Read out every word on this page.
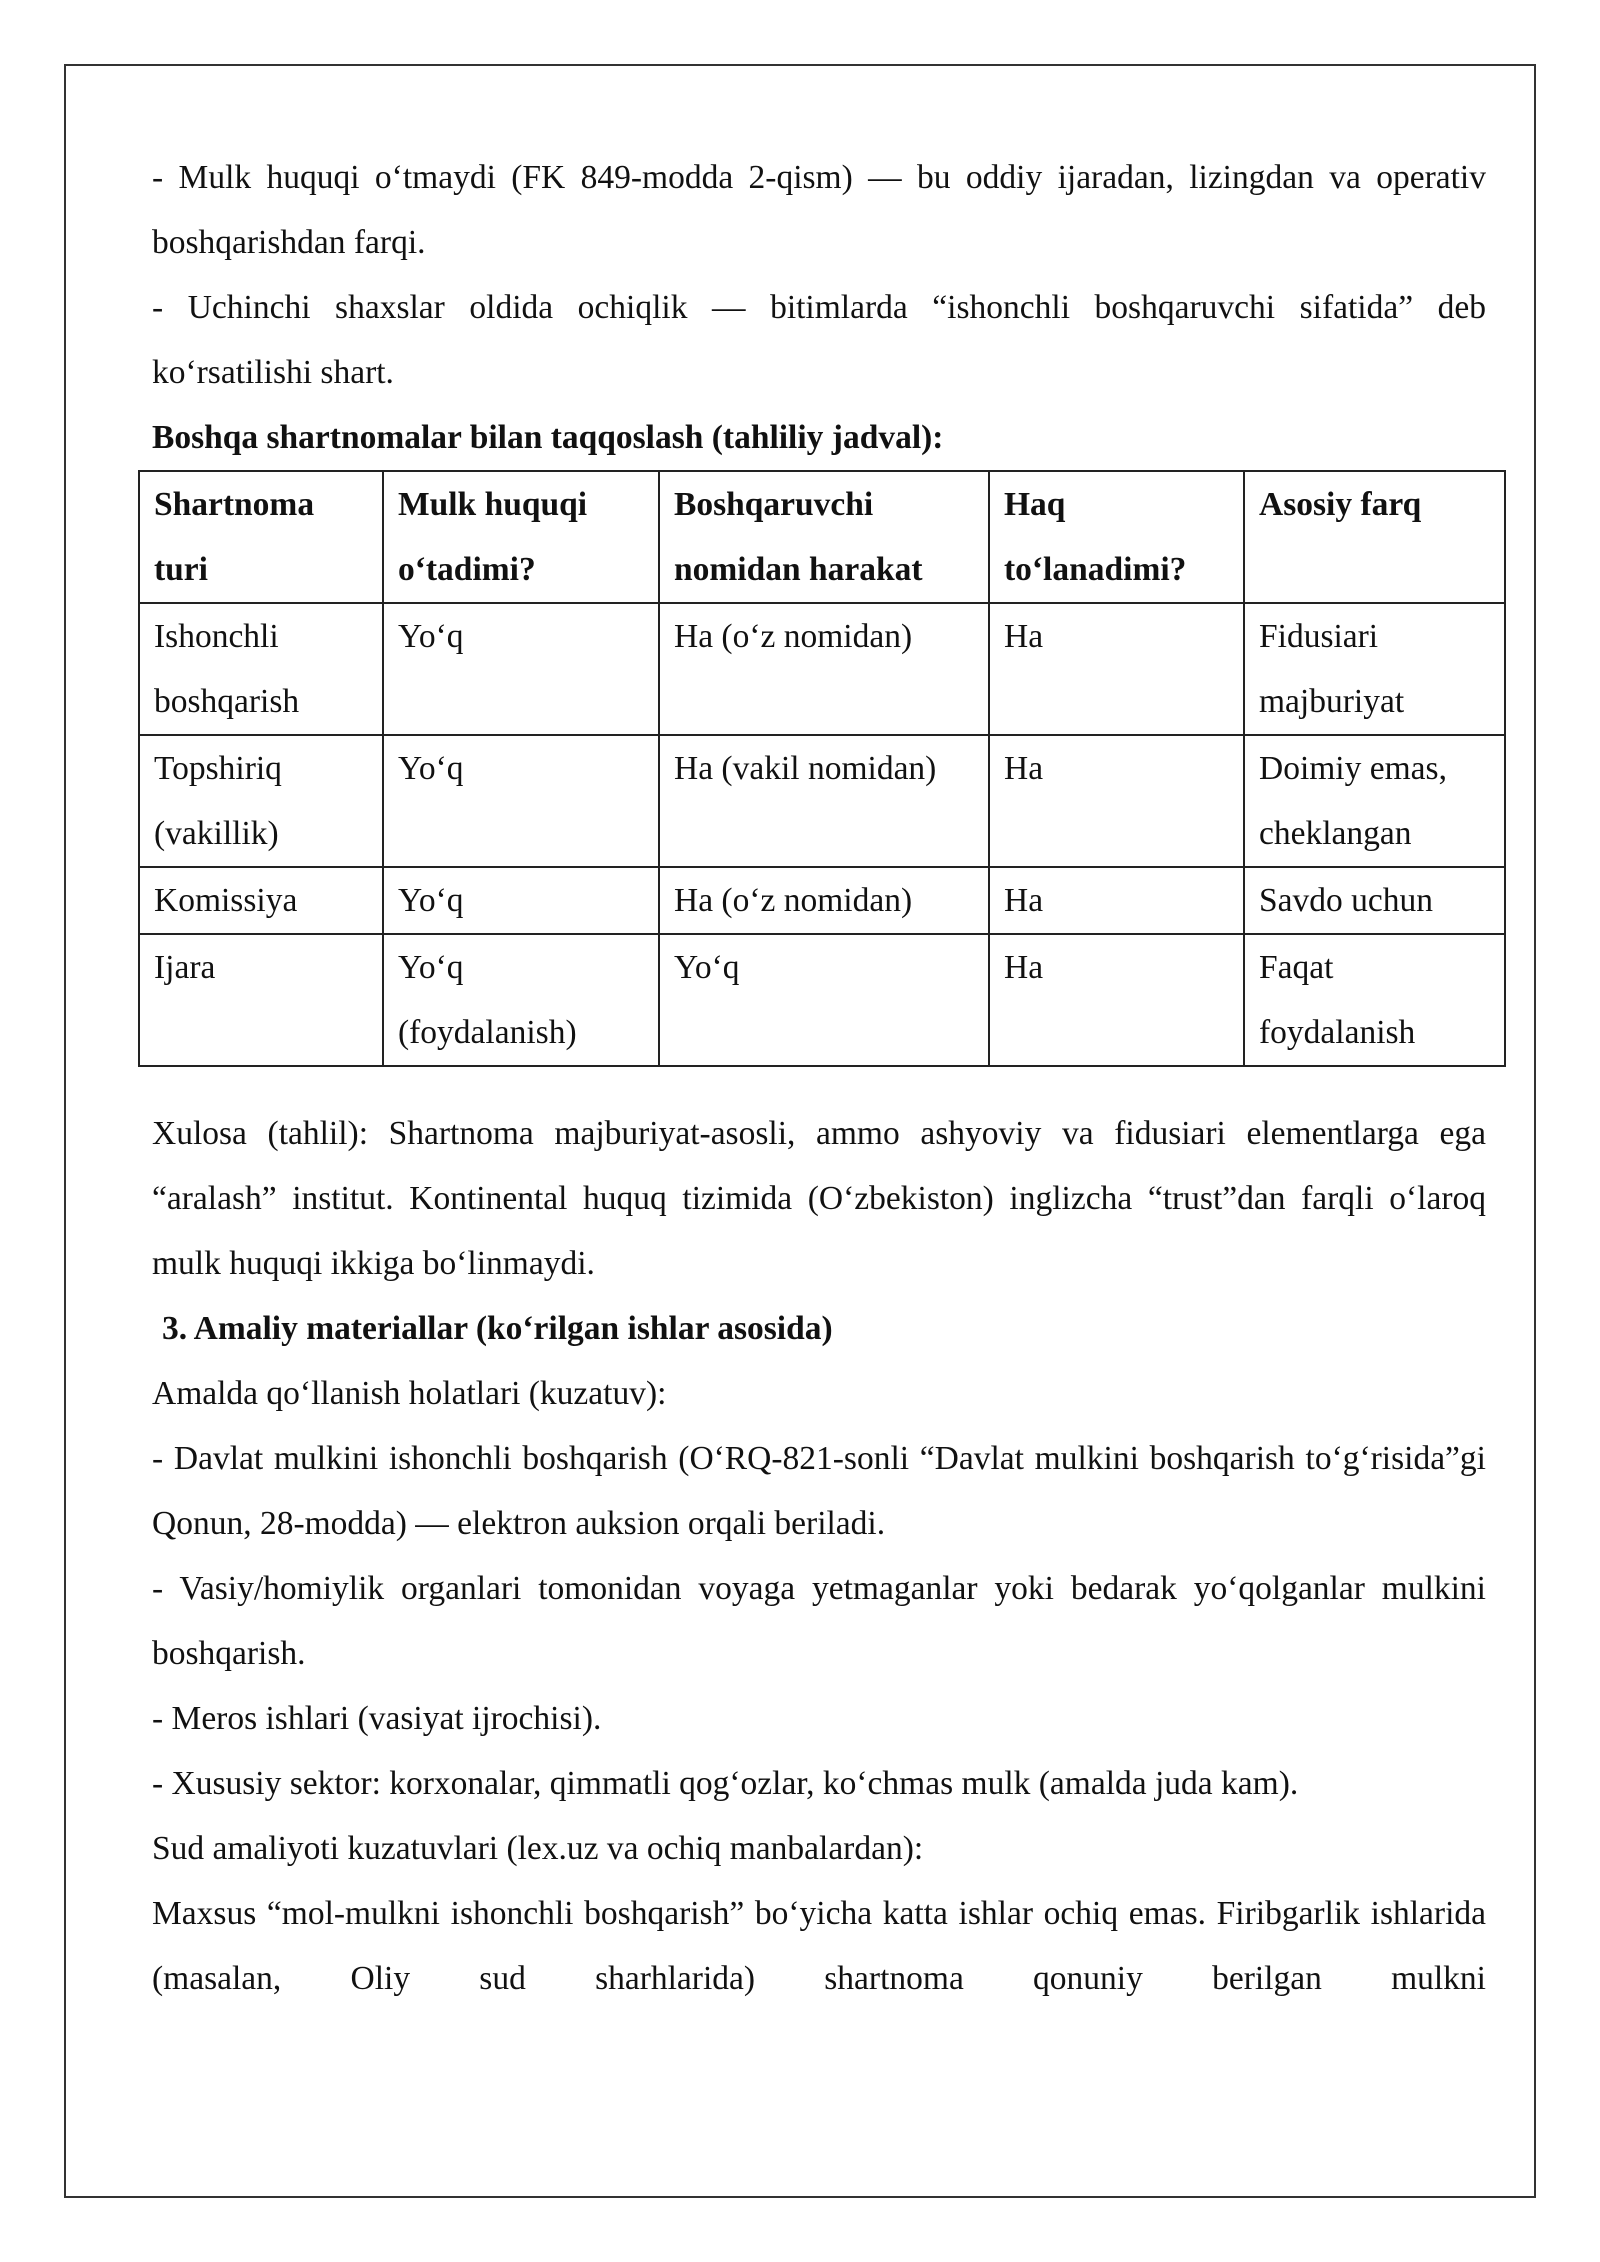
- Mulk huquqi o‘tmaydi (FK 849-modda 2-qism) — bu oddiy ijaradan, lizingdan va operativ boshqarishdan farqi.

- Uchinchi shaxslar oldida ochiqlik — bitimlarda “ishonchli boshqaruvchi sifatida” deb ko‘rsatilishi shart.

Boshqa shartnomalar bilan taqqoslash (tahliliy jadval):

Shartnoma turi	Mulk huquqi o‘tadimi?	Boshqaruvchi nomidan harakat	Haq to‘lanadimi?	Asosiy farq
Ishonchli boshqarish	Yo‘q	Ha (o‘z nomidan)	Ha	Fidusiari majburiyat
Topshiriq (vakillik)	Yo‘q	Ha (vakil nomidan)	Ha	Doimiy emas, cheklangan
Komissiya	Yo‘q	Ha (o‘z nomidan)	Ha	Savdo uchun
Ijara	Yo‘q (foydalanish)	Yo‘q	Ha	Faqat foydalanish

Xulosa (tahlil): Shartnoma majburiyat-asosli, ammo ashyoviy va fidusiari elementlarga ega “aralash” institut. Kontinental huquq tizimida (O‘zbekiston) inglizcha “trust”dan farqli o‘laroq mulk huquqi ikkiga bo‘linmaydi.

3. Amaliy materiallar (ko‘rilgan ishlar asosida)

Amalda qo‘llanish holatlari (kuzatuv):

- Davlat mulkini ishonchli boshqarish (O‘RQ-821-sonli “Davlat mulkini boshqarish to‘g‘risida”gi Qonun, 28-modda) — elektron auksion orqali beriladi.

- Vasiy/homiylik organlari tomonidan voyaga yetmaganlar yoki bedarak yo‘qolganlar mulkini boshqarish.

- Meros ishlari (vasiyat ijrochisi).

- Xususiy sektor: korxonalar, qimmatli qog‘ozlar, ko‘chmas mulk (amalda juda kam).

Sud amaliyoti kuzatuvlari (lex.uz va ochiq manbalardan):

Maxsus “mol-mulkni ishonchli boshqarish” bo‘yicha katta ishlar ochiq emas. Firibgarlik ishlarida (masalan, Oliy sud sharhlarida) shartnoma qonuniy berilgan mulkni
